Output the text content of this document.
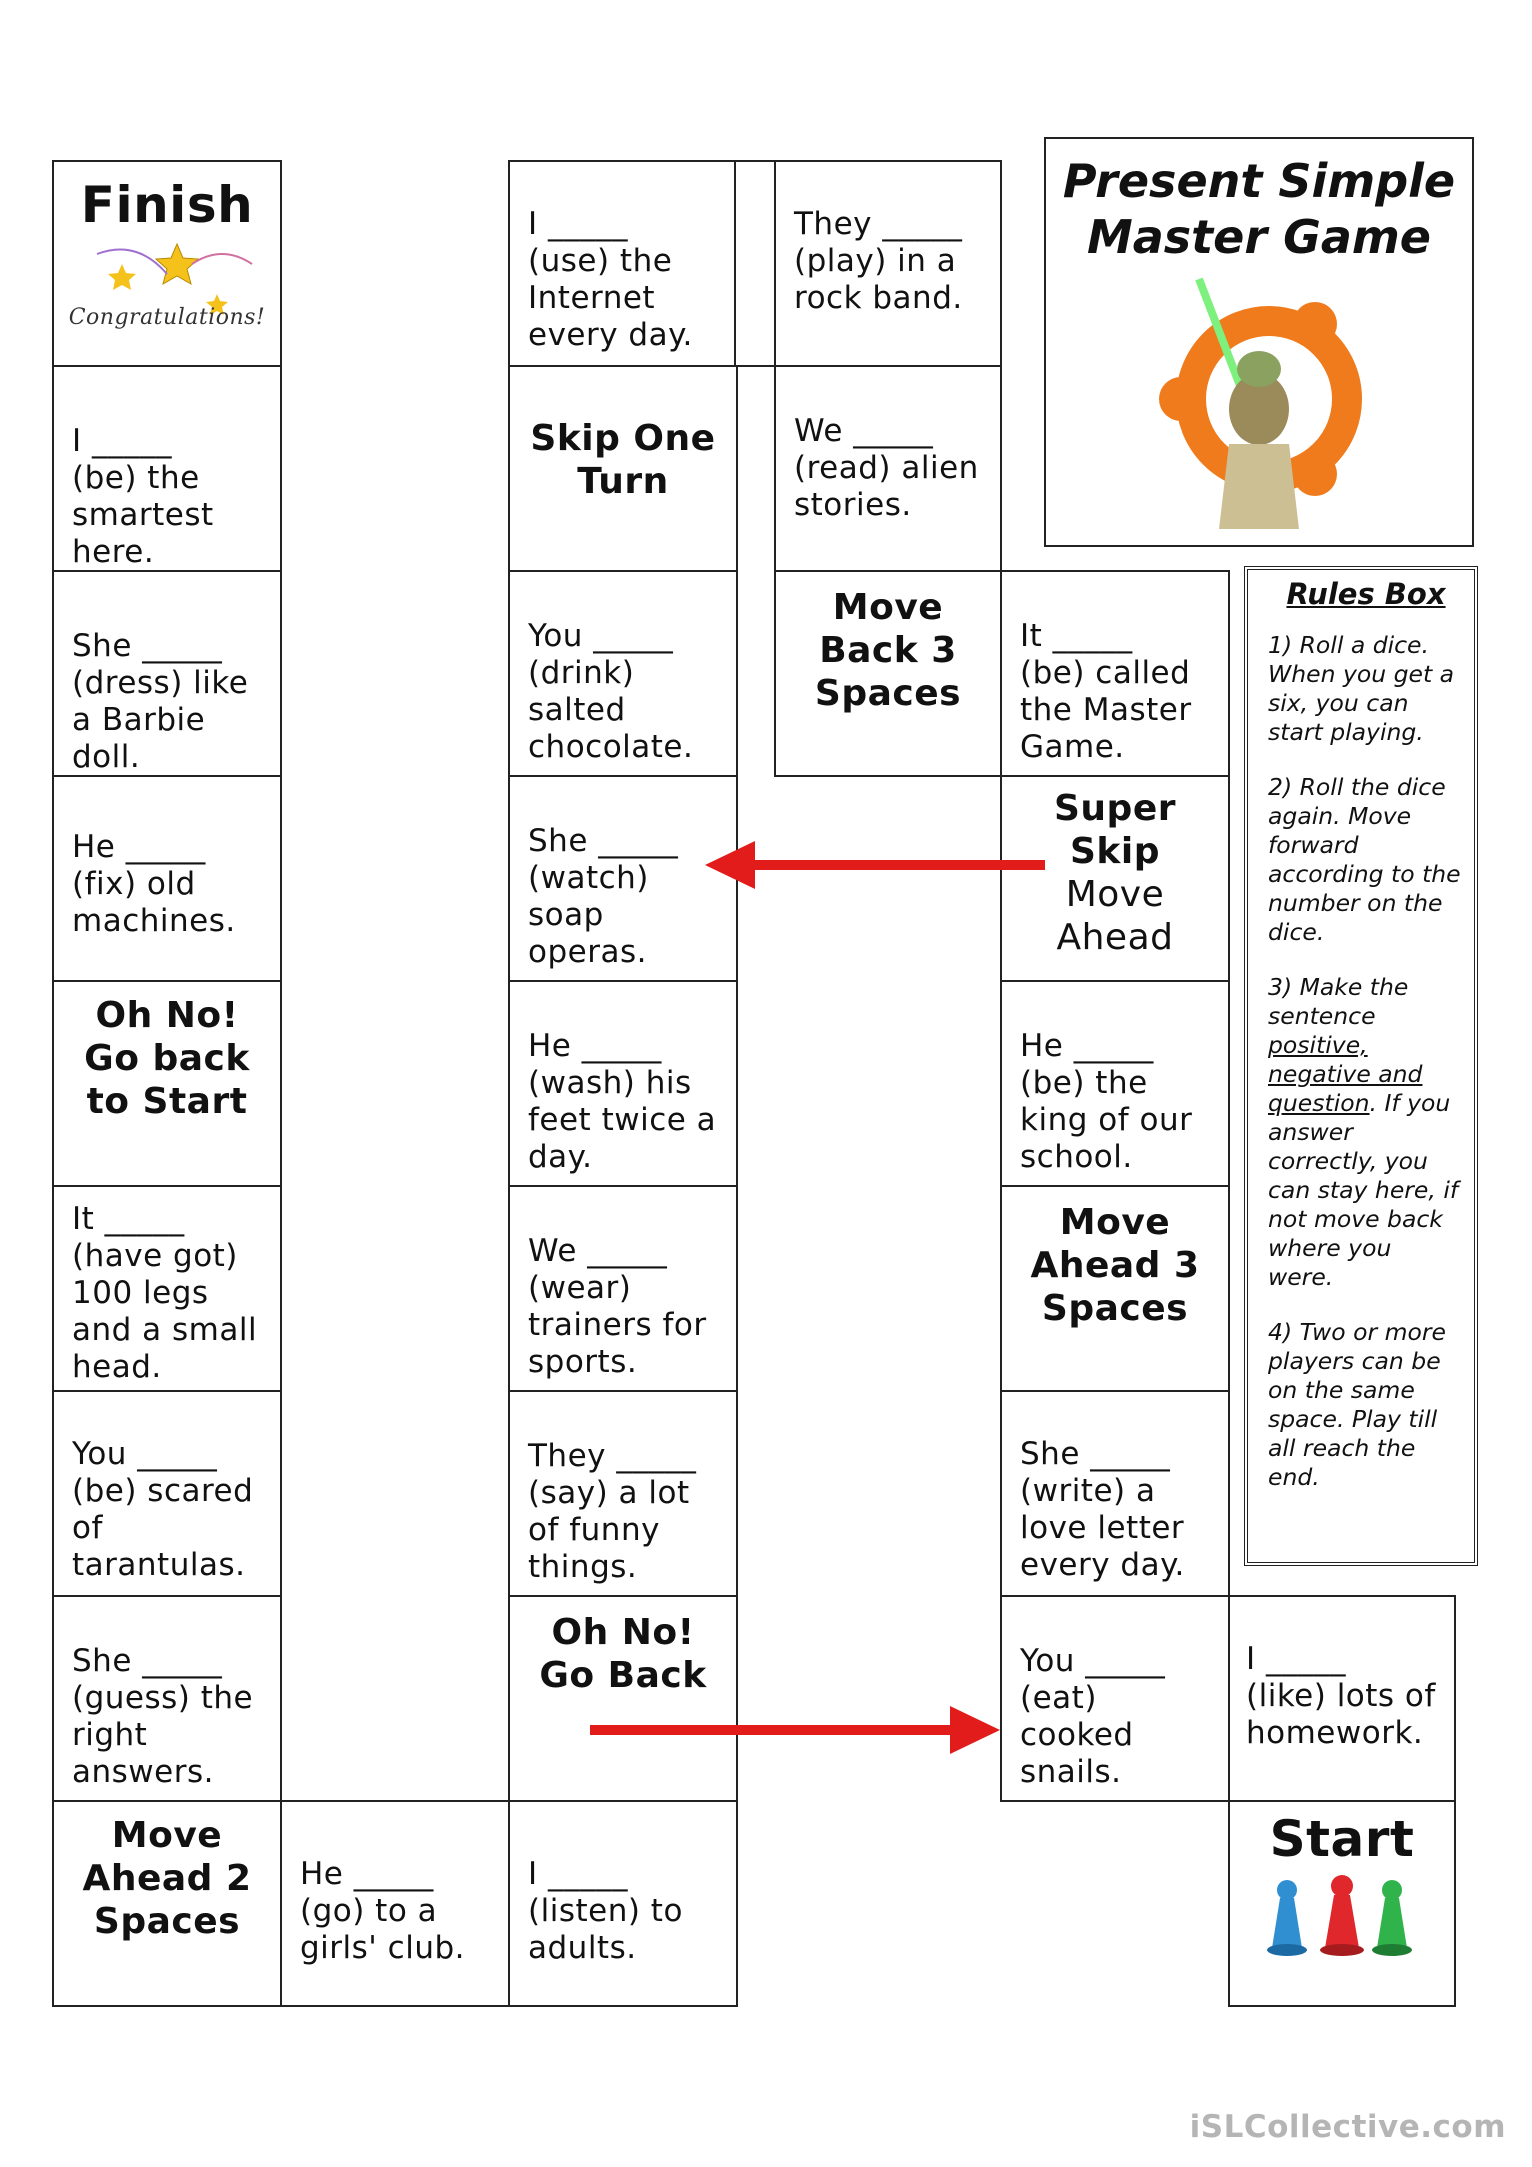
Finish
Congratulations!
I _____
(be) the
smartest
here.
She _____
(dress) like
a Barbie
doll.
He _____
(fix) old
machines.
Oh No!
Go back
to Start
It _____
(have got)
100 legs
and a small
head.
You _____
(be) scared
of
tarantulas.
She _____
(guess) the
right
answers.
Move
Ahead 2
Spaces
He _____
(go) to a
girls' club.
I _____
(use) the
Internet
every day.
Skip One
Turn
You _____
(drink)
salted
chocolate.
She _____
(watch)
soap
operas.
He _____
(wash) his
feet twice a
day.
We _____
(wear)
trainers for
sports.
They _____
(say) a lot
of funny
things.
Oh No!
Go Back
I _____
(listen) to
adults.
They _____
(play) in a
rock band.
We _____
(read) alien
stories.
Move
Back 3
Spaces
It _____
(be) called
the Master
Game.
Super
Skip
Move
Ahead
He _____
(be) the
king of our
school.
Move
Ahead 3
Spaces
She _____
(write) a
love letter
every day.
You _____
(eat)
cooked
snails.
I _____
(like) lots of
homework.
Start
Present Simple
Master Game
Rules Box

1) Roll a dice. When you get a six, you can start playing.

2) Roll the dice again. Move forward according to the number on the dice.

3) Make the sentence positive, negative and question. If you answer correctly, you can stay here, if not move back where you were.

4) Two or more players can be on the same space. Play till all reach the end.

iSLCollective.com
